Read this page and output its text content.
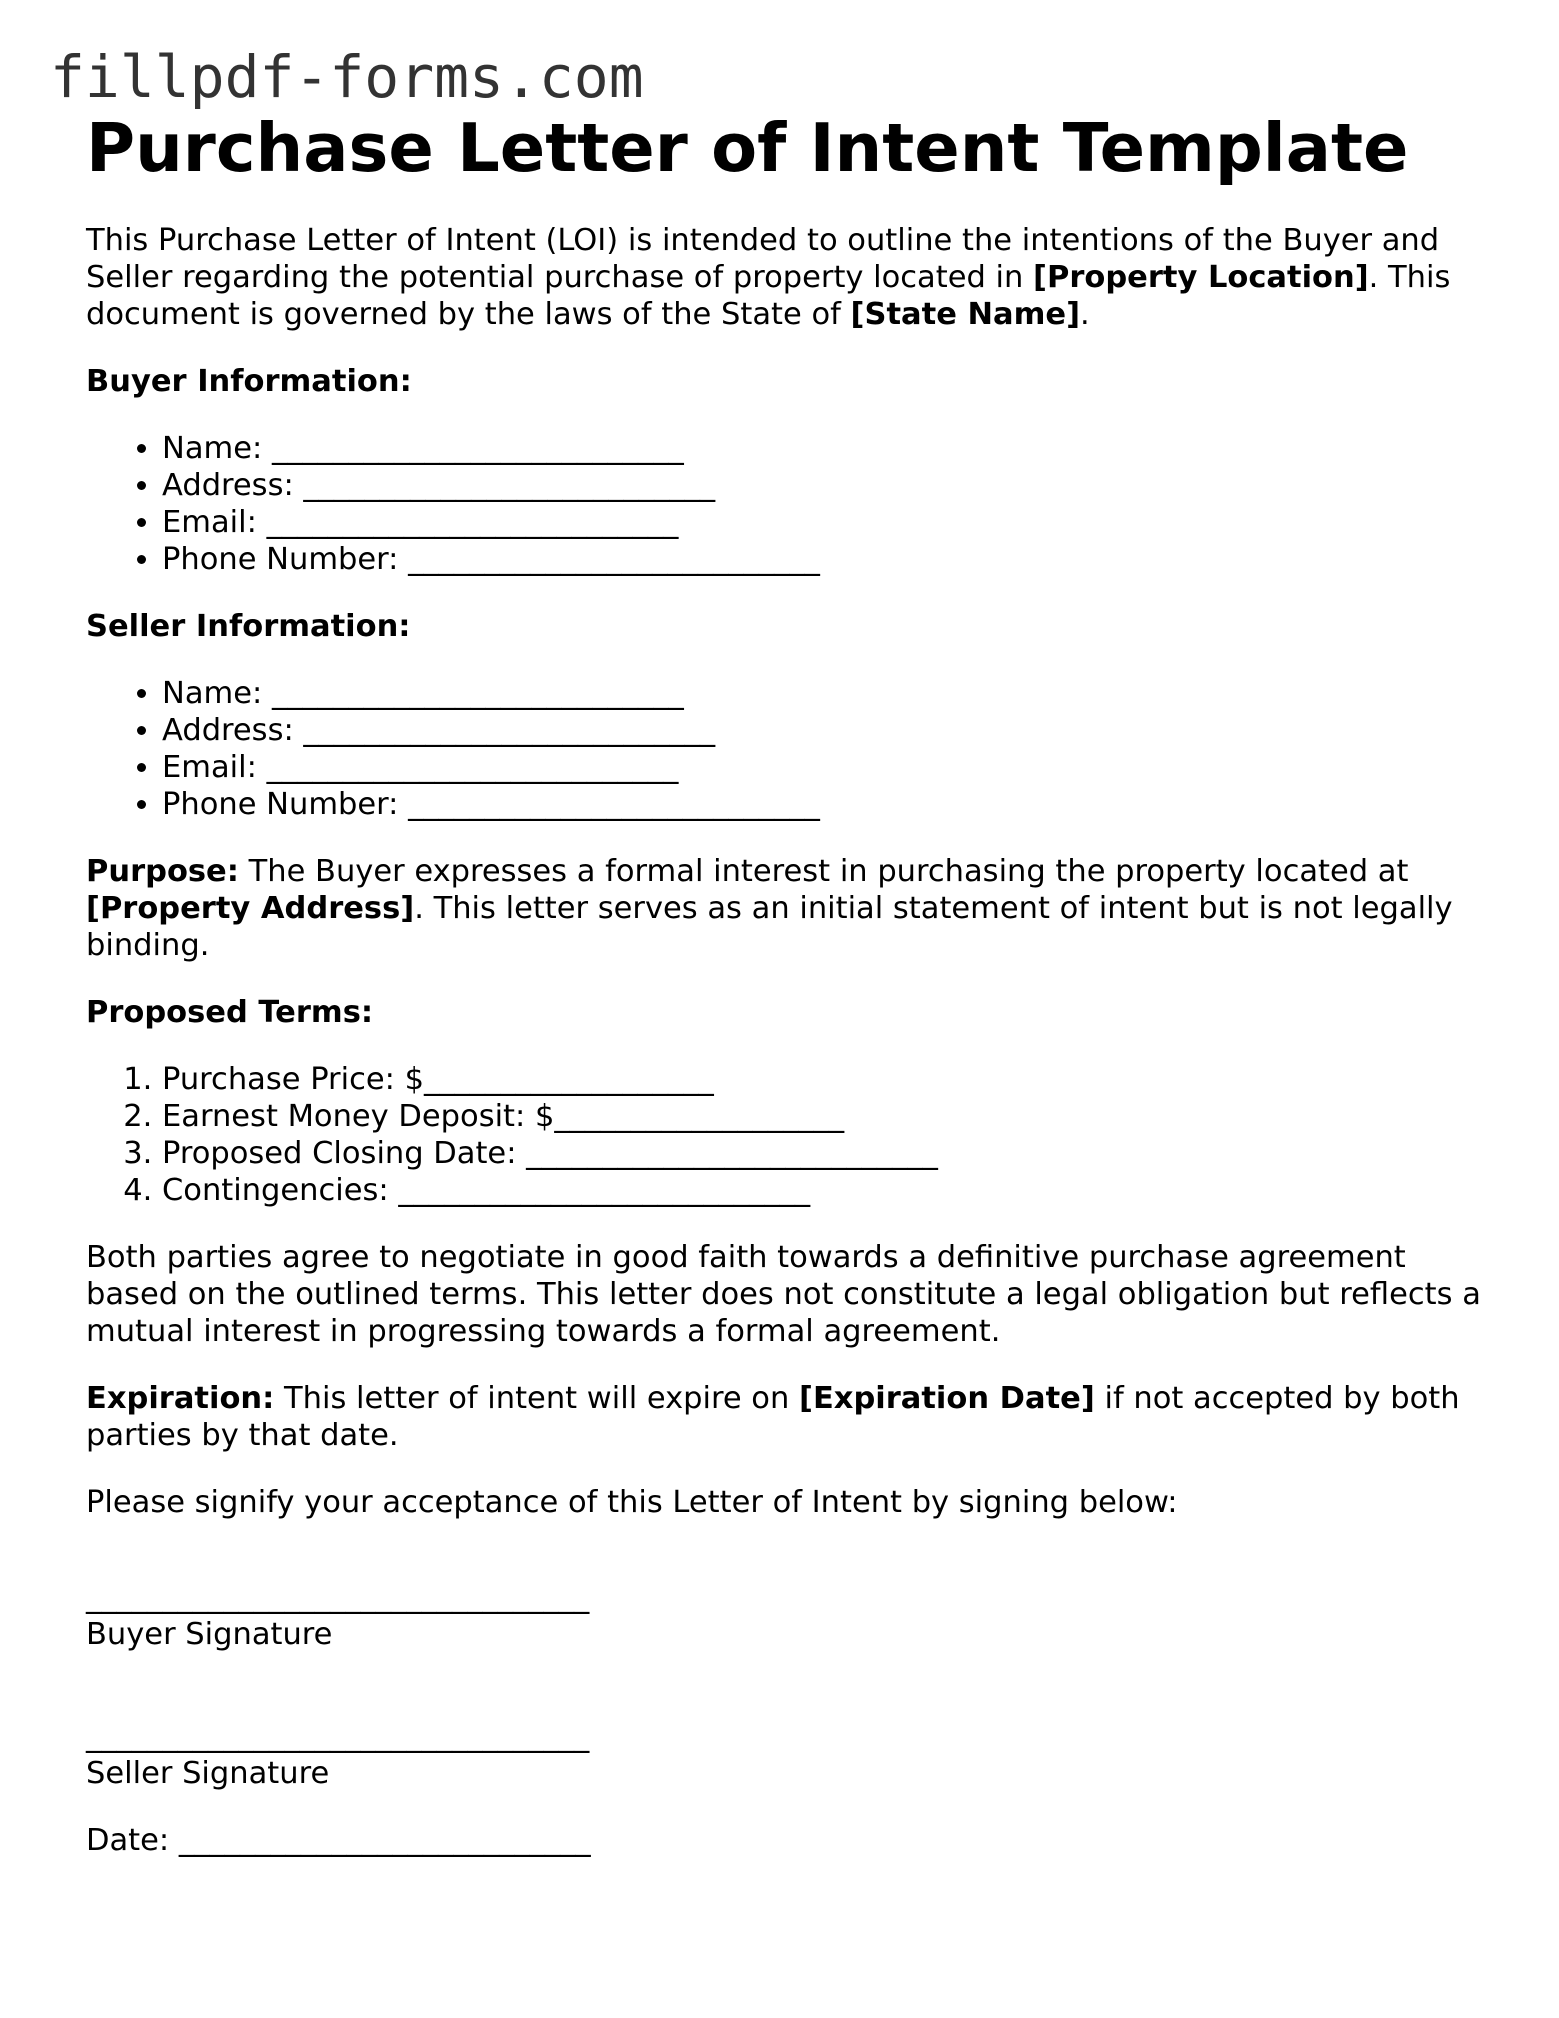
fillpdf-forms.com
Purchase Letter of Intent Template

This Purchase Letter of Intent (LOI) is intended to outline the intentions of the Buyer and Seller regarding the potential purchase of property located in [Property Location]. This document is governed by the laws of the State of [State Name].

Buyer Information:
• Name: ___________________________
• Address: ___________________________
• Email: ___________________________
• Phone Number: ___________________________
Seller Information:
• Name: ___________________________
• Address: ___________________________
• Email: ___________________________
• Phone Number: ___________________________

Purpose: The Buyer expresses a formal interest in purchasing the property located at [Property Address]. This letter serves as an initial statement of intent but is not legally binding.

Proposed Terms:
1. Purchase Price: $___________________
2. Earnest Money Deposit: $___________________
3. Proposed Closing Date: ___________________________
4. Contingencies: ___________________________

Both parties agree to negotiate in good faith towards a definitive purchase agreement based on the outlined terms. This letter does not constitute a legal obligation but reflects a mutual interest in progressing towards a formal agreement.

Expiration: This letter of intent will expire on [Expiration Date] if not accepted by both parties by that date.

Please signify your acceptance of this Letter of Intent by signing below:

_________________________________
Buyer Signature
_________________________________
Seller Signature
Date: ___________________________
